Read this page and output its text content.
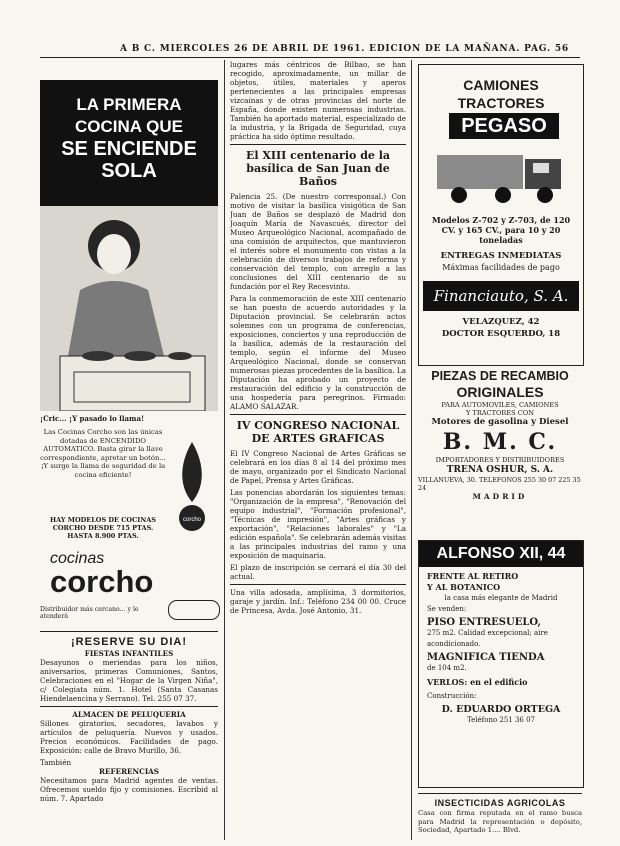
A B C. MIERCOLES 26 DE ABRIL DE 1961. EDICION DE LA MAÑANA. PAG. 56
LA PRIMERA
COCINA QUE
SE ENCIENDE SOLA
¡Cric... ¡Y pasado lo llama!
Las Cocinas Corcho son las únicas dotadas de ENCENDIDO AUTOMATICO. Basta girar la llave correspondiente, apretar un botón... ¡Y surge la llama de seguridad de la cocina eficiente!
corcho
HAY MODELOS DE COCINAS CORCHO DESDE 715 PTAS. HASTA 8.900 PTAS.
cocinas
corcho
Distribuidor más cercano... y le atenderá
¡RESERVE SU DIA!
FIESTAS INFANTILES

Desayunos o meriendas para los niños, aniversarios, primeras Comuniones, Santos, Celebraciones en el "Hogar de la Virgen Niña", c/ Colegiata núm. 1. Hotel (Santa Casanas Hiendelaencina y Serrano). Tel. 255 07 37.

ALMACEN DE PELUQUERIA

Sillones giratorios, secadores, lavabos y artículos de peluquería. Nuevos y usados. Precios económicos. Facilidades de pago. Exposición: calle de Bravo Murillo, 36.

También
REFERENCIAS

Necesitamos para Madrid agentes de ventas. Ofrecemos sueldo fijo y comisiones. Escribid al núm. 7. Apartado

lugares más céntricos de Bilbao, se han recogido, aproximadamente, un millar de objetos, útiles, materiales y aperos pertenecientes a las principales empresas vizcaínas y de otras provincias del norte de España, donde existen numerosas industrias. También ha aportado material, especializado de la industria, y la Brigada de Seguridad, cuya práctica ha sido óptimo resultado.

El XIII centenario de la basílica de San Juan de Baños

Palencia 25. (De nuestro corresponsal.) Con motivo de visitar la basílica visigótica de San Juan de Baños se desplazó de Madrid don Joaquín María de Navascués, director del Museo Arqueológico Nacional, acompañado de una comisión de arquitectos, que mantuvieron el interés sobre el monumento con vistas a la celebración de diversos trabajos de reforma y conservación del templo, con arreglo a las conclusiones del XIII centenario de su fundación por el Rey Recesvinto.

Para la conmemoración de este XIII centenario se han puesto de acuerdo autoridades y la Diputación provincial. Se celebrarán actos solemnes con un programa de conferencias, exposiciones, conciertos y una reproducción de la basílica, además de la restauración del templo, según el informe del Museo Arqueológico Nacional, donde se conservan numerosas piezas procedentes de la basílica. La Diputación ha aprobado un proyecto de restauración del edificio y la construcción de una hospedería para peregrinos. Firmado: ALAMO SALAZAR.

IV CONGRESO NACIONAL DE ARTES GRAFICAS

El IV Congreso Nacional de Artes Gráficas se celebrará en los días 8 al 14 del próximo mes de mayo, organizado por el Sindicato Nacional de Papel, Prensa y Artes Gráficas.

Las ponencias abordarán los siguientes temas: "Organización de la empresa", "Renovación del equipo industrial", "Formación profesional", "Técnicas de impresión", "Artes gráficas y exportación", "Relaciones laborales" y "La edición española". Se celebrarán además visitas a las principales industrias del ramo y una exposición de maquinaria.

El plazo de inscripción se cerrará el día 30 del actual.

Una villa adosada, amplísima, 3 dormitorios, garaje y jardín. Inf.: Teléfono 234 00 00. Cruce de Princesa, Avda. José Antonio, 31.

CAMIONES
TRACTORES
PEGASO
Modelos Z-702 y Z-703, de 120 CV. y 165 CV., para 10 y 20 toneladas
ENTREGAS INMEDIATAS
Máximas facilidades de pago
Financiauto, S. A.
VELAZQUEZ, 42
DOCTOR ESQUERDO, 18
PIEZAS DE RECAMBIO
ORIGINALES
PARA AUTOMOVILES, CAMIONES
Y TRACTORES CON
Motores de gasolina y Diesel
B. M. C.
IMPORTADORES Y DISTRIBUIDORES
TRENA OSHUR, S. A.
VILLANUEVA, 30. TELEFONOS 255 30 07 225 35 24
MADRID
ALFONSO XII, 44
FRENTE AL RETIRO
Y AL BOTANICO
la casa más elegante de Madrid
Se venden:
PISO ENTRESUELO,
275 m2. Calidad excepcional; aire acondicionado.
MAGNIFICA TIENDA
de 104 m2.
VERLOS: en el edificio
Construcción:
D. EDUARDO ORTEGA
Teléfono 251 36 07
INSECTICIDAS AGRICOLAS
Casa con firma reputada en el ramo busca para Madrid la representación o depósito, Sociedad, Apartado 1.... Blvd.
